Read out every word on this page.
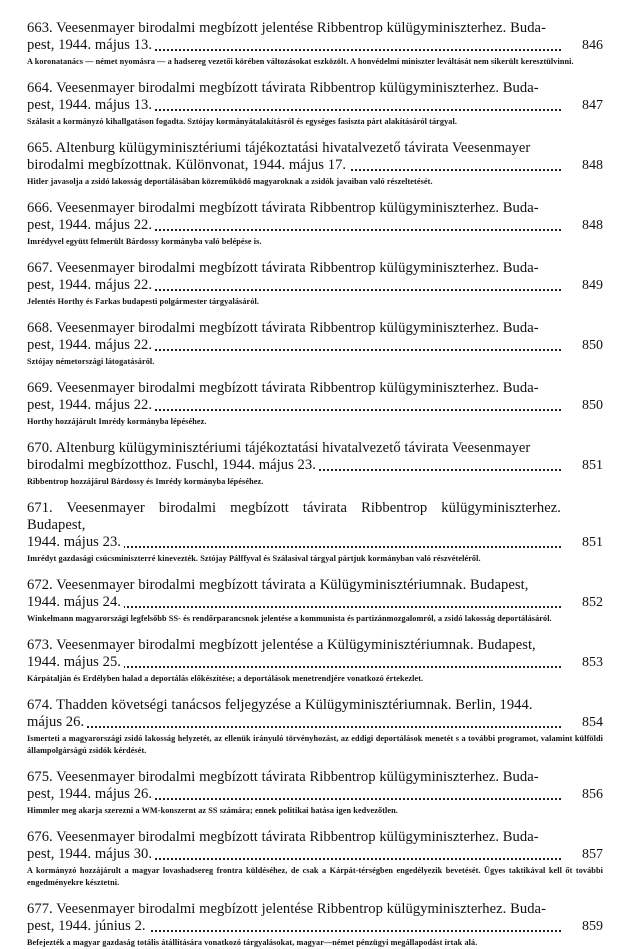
663. Veesenmayer birodalmi megbízott jelentése Ribbentrop külügyminiszterhez. Buda-
pest, 1944. május 13.	846
A koronatanács — német nyomásra — a hadsereg vezetői körében változásokat eszközölt. A honvédelmi miniszter leváltását nem sikerült keresztülvinni.
664. Veesenmayer birodalmi megbízott távirata Ribbentrop külügyminiszterhez. Buda-
pest, 1944. május 13.	847
Szálasit a kormányzó kihallgatáson fogadta. Sztójay kormányátalakításról és egységes fasiszta párt alakításáról tárgyal.
665. Altenburg külügyminisztériumi tájékoztatási hivatalvezető távirata Veesenmayer
birodalmi megbízottnak. Különvonat, 1944. május 17.	848
Hitler javasolja a zsidó lakosság deportálásában közreműködő magyaroknak a zsidók javaiban való részeltetését.
666. Veesenmayer birodalmi megbízott távirata Ribbentrop külügyminiszterhez. Buda-
pest, 1944. május 22.	848
Imrédyvel együtt felmerült Bárdossy kormányba való belépése is.
667. Veesenmayer birodalmi megbízott távirata Ribbentrop külügyminiszterhez. Buda-
pest, 1944. május 22.	849
Jelentés Horthy és Farkas budapesti polgármester tárgyalásáról.
668. Veesenmayer birodalmi megbízott távirata Ribbentrop külügyminiszterhez. Buda-
pest, 1944. május 22.	850
Sztójay németországi látogatásáról.
669. Veesenmayer birodalmi megbízott távirata Ribbentrop külügyminiszterhez. Buda-
pest, 1944. május 22.	850
Horthy hozzájárult Imrédy kormányba lépéséhez.
670. Altenburg külügyminisztériumi tájékoztatási hivatalvezető távirata Veesenmayer
birodalmi megbízotthoz. Fuschl, 1944. május 23.	851
Ribbentrop hozzájárul Bárdossy és Imrédy kormányba lépéséhez.
671. Veesenmayer birodalmi megbízott távirata Ribbentrop külügyminiszterhez. Budapest,
1944. május 23.	851
Imrédyt gazdasági csúcsminiszterré kinevezték. Sztójay Pálffyval és Szálasival tárgyal pártjuk kormányban való részvételéről.
672. Veesenmayer birodalmi megbízott távirata a Külügyminisztériumnak. Budapest,
1944. május 24.	852
Winkelmann magyarországi legfelsőbb SS- és rendőrparancsnok jelentése a kommunista és partizánmozgalomról, a zsidó lakosság deportálásáról.
673. Veesenmayer birodalmi megbízott jelentése a Külügyminisztériumnak. Budapest,
1944. május 25.	853
Kárpátalján és Erdélyben halad a deportálás előkészítése; a deportálások menetrendjére vonatkozó értekezlet.
674. Thadden követségi tanácsos feljegyzése a Külügyminisztériumnak. Berlin, 1944.
május 26.	854
Ismerteti a magyarországi zsidó lakosság helyzetét, az ellenük irányuló törvényhozást, az eddigi deportálások menetét s a további programot, valamint külföldi állampolgárságú zsidók kérdését.
675. Veesenmayer birodalmi megbízott távirata Ribbentrop külügyminiszterhez. Buda-
pest, 1944. május 26.	856
Himmler meg akarja szerezni a WM-konszernt az SS számára; ennek politikai hatása igen kedvezőtlen.
676. Veesenmayer birodalmi megbízott távirata Ribbentrop külügyminiszterhez. Buda-
pest, 1944. május 30.	857
A kormányzó hozzájárult a magyar lovashadsereg frontra küldéséhez, de csak a Kárpát-térségben engedélyezik bevetését. Ügyes taktikával kell őt további engedményekre késztetni.
677. Veesenmayer birodalmi megbízott jelentése Ribbentrop külügyminiszterhez. Buda-
pest, 1944. június 2.	859
Befejezték a magyar gazdaság totális átállítására vonatkozó tárgyalásokat, magyar—német pénzügyi megállapodást írtak alá.
